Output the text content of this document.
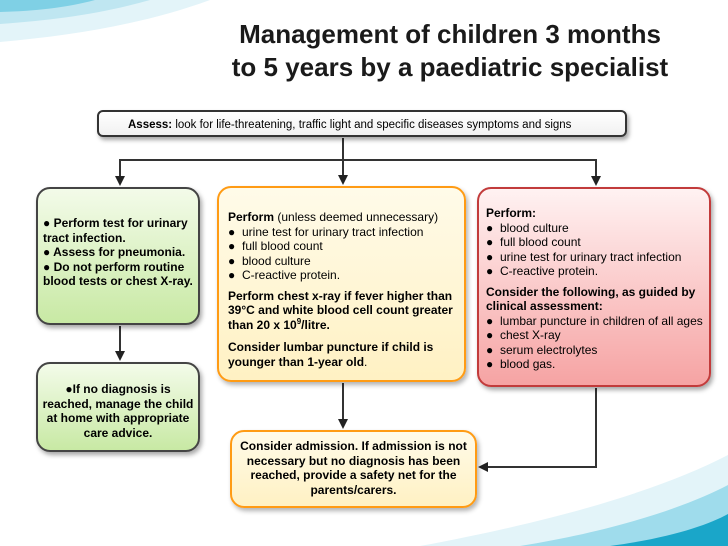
Management of children 3 months
to 5 years by a paediatric specialist
Assess: look for life-threatening, traffic light and specific diseases symptoms and signs
● Perform test for urinary
tract infection.
● Assess for pneumonia.
● Do not perform routine
blood tests or chest X-ray.
Perform (unless deemed unnecessary)
● urine test for urinary tract infection
● full blood count
● blood culture
● C-reactive protein.
Perform chest x-ray if fever higher than
39°C and white blood cell count greater
than 20 x $10^9$/litre.
Consider lumbar puncture if child is
younger than 1-year old.
Perform:
● blood culture
● full blood count
● urine test for urinary tract infection
● C-reactive protein.
Consider the following, as guided by
clinical assessment:
● lumbar puncture in children of all ages
● chest X-ray
● serum electrolytes
● blood gas.
●If no diagnosis is
reached, manage the child
at home with appropriate
care advice.
Consider admission. If admission is not
necessary but no diagnosis has been
reached, provide a safety net for the
parents/carers.
